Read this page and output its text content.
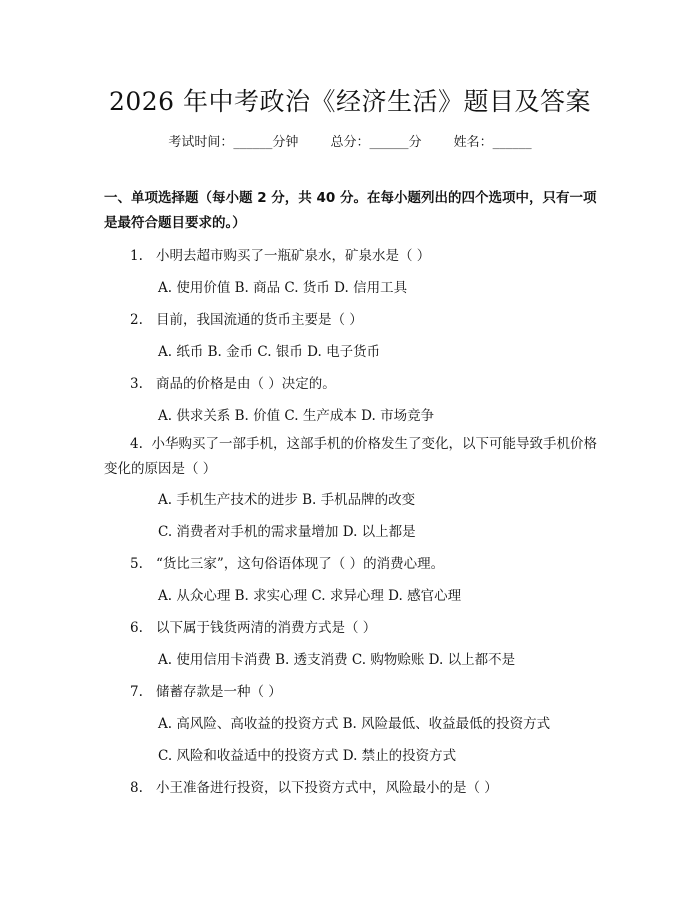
2026 年中考政治《经济生活》题目及答案
考试时间：______分钟 总分：______分 姓名：______
一、单项选择题（每小题 2 分，共 40 分。在每小题列出的四个选项中，只有一项是最符合题目要求的。）
1. 小明去超市购买了一瓶矿泉水，矿泉水是（ ）
A. 使用价值 B. 商品 C. 货币 D. 信用工具
2. 目前，我国流通的货币主要是（ ）
A. 纸币 B. 金币 C. 银币 D. 电子货币
3. 商品的价格是由（ ）决定的。
A. 供求关系 B. 价值 C. 生产成本 D. 市场竞争
4. 小华购买了一部手机，这部手机的价格发生了变化，以下可能导致手机价格变化的原因是（ ）
A. 手机生产技术的进步 B. 手机品牌的改变
C. 消费者对手机的需求量增加 D. 以上都是
5. “货比三家”，这句俗语体现了（ ）的消费心理。
A. 从众心理 B. 求实心理 C. 求异心理 D. 感官心理
6. 以下属于钱货两清的消费方式是（ ）
A. 使用信用卡消费 B. 透支消费 C. 购物赊账 D. 以上都不是
7. 储蓄存款是一种（ ）
A. 高风险、高收益的投资方式 B. 风险最低、收益最低的投资方式
C. 风险和收益适中的投资方式 D. 禁止的投资方式
8. 小王准备进行投资，以下投资方式中，风险最小的是（ ）
